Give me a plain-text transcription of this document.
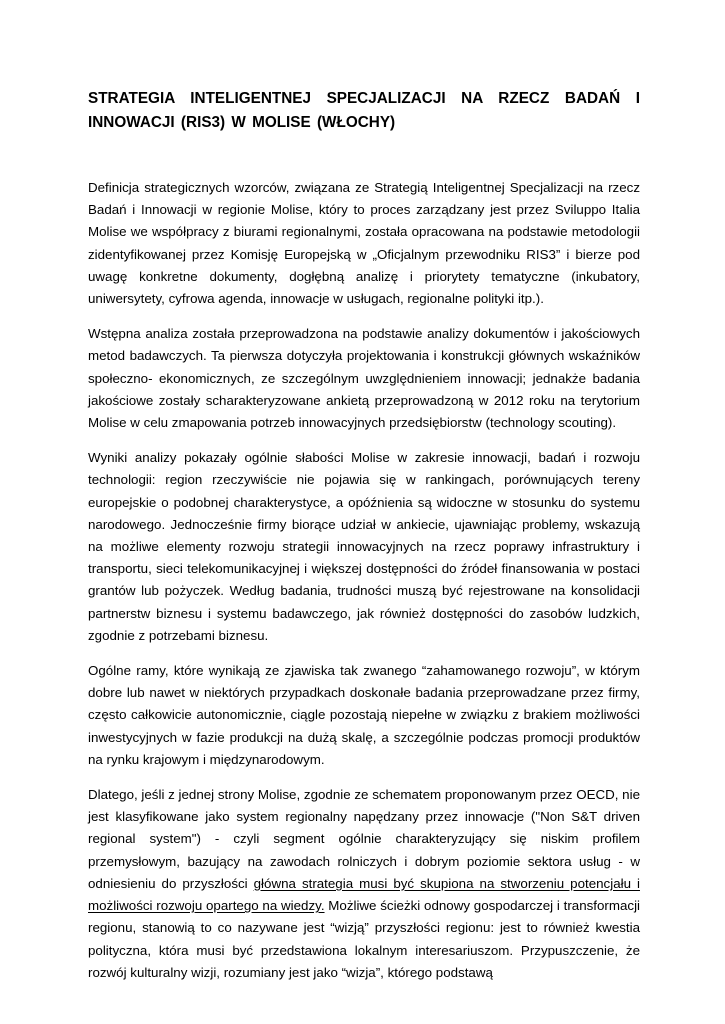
STRATEGIA INTELIGENTNEJ SPECJALIZACJI NA RZECZ BADAŃ I INNOWACJI (RIS3) W MOLISE (WŁOCHY)

Definicja strategicznych wzorców, związana ze Strategią Inteligentnej Specjalizacji na rzecz Badań i Innowacji w regionie Molise, który to proces zarządzany jest przez Sviluppo Italia Molise we współpracy z biurami regionalnymi, została opracowana na podstawie metodologii zidentyfikowanej przez Komisję Europejską w „Oficjalnym przewodniku RIS3” i bierze pod uwagę konkretne dokumenty, dogłębną analizę i priorytety tematyczne (inkubatory, uniwersytety, cyfrowa agenda, innowacje w usługach, regionalne polityki itp.).

Wstępna analiza została przeprowadzona na podstawie analizy dokumentów i jakościowych metod badawczych. Ta pierwsza dotyczyła projektowania i konstrukcji głównych wskaźników społeczno- ekonomicznych, ze szczególnym uwzględnieniem innowacji; jednakże badania jakościowe zostały scharakteryzowane ankietą przeprowadzoną w 2012 roku na terytorium Molise w celu zmapowania potrzeb innowacyjnych przedsiębiorstw (technology scouting).

Wyniki analizy pokazały ogólnie słabości Molise w zakresie innowacji, badań i rozwoju technologii: region rzeczywiście nie pojawia się w rankingach, porównujących tereny europejskie o podobnej charakterystyce, a opóźnienia są widoczne w stosunku do systemu narodowego. Jednocześnie firmy biorące udział w ankiecie, ujawniając problemy, wskazują na możliwe elementy rozwoju strategii innowacyjnych na rzecz poprawy infrastruktury i transportu, sieci telekomunikacyjnej i większej dostępności do źródeł finansowania w postaci grantów lub pożyczek. Według badania, trudności muszą być rejestrowane na konsolidacji partnerstw biznesu i systemu badawczego, jak również dostępności do zasobów ludzkich, zgodnie z potrzebami biznesu.

Ogólne ramy, które wynikają ze zjawiska tak zwanego “zahamowanego rozwoju”, w którym dobre lub nawet w niektórych przypadkach doskonałe badania przeprowadzane przez firmy, często całkowicie autonomicznie, ciągle pozostają niepełne w związku z brakiem możliwości inwestycyjnych w fazie produkcji na dużą skalę, a szczególnie podczas promocji produktów na rynku krajowym i międzynarodowym.

Dlatego, jeśli z jednej strony Molise, zgodnie ze schematem proponowanym przez OECD, nie jest klasyfikowane jako system regionalny napędzany przez innowacje ("Non S&T driven regional system") - czyli segment ogólnie charakteryzujący się niskim profilem przemysłowym, bazujący na zawodach rolniczych i dobrym poziomie sektora usług - w odniesieniu do przyszłości główna strategia musi być skupiona na stworzeniu potencjału i możliwości rozwoju opartego na wiedzy. Możliwe ścieżki odnowy gospodarczej i transformacji regionu, stanowią to co nazywane jest “wizją” przyszłości regionu: jest to również kwestia polityczna, która musi być przedstawiona lokalnym interesariuszom. Przypuszczenie, że rozwój kulturalny wizji, rozumiany jest jako “wizja”, którego podstawą
